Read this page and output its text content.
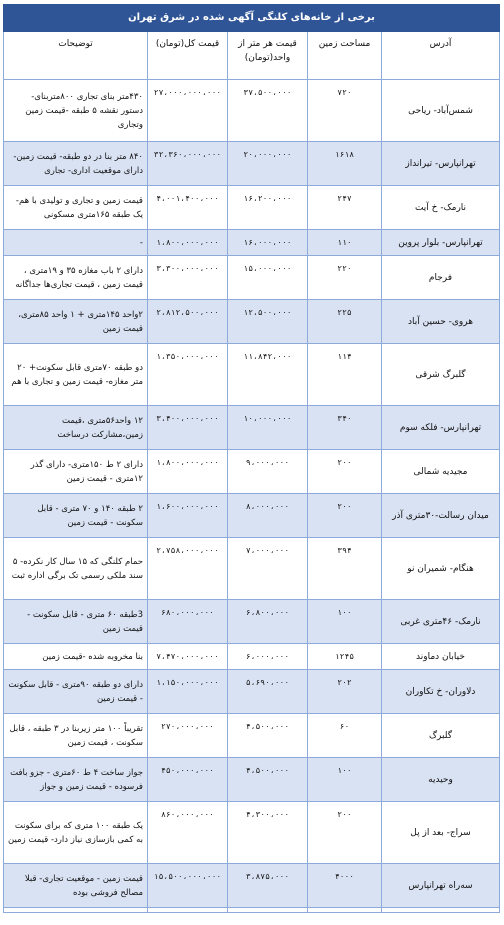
برخی از خانه‌های کلنگی آگهی شده در شرق تهران				
آدرس	مساحت زمین	قیمت هر متر از واحد(تومان)	قیمت کل(تومان)	توضیحات
شمس‌آباد- ریاحی	۷۲۰	۳۷،۵۰۰،۰۰۰	۲۷،۰۰۰،۰۰۰،۰۰۰	۴۳۰متر بنای تجاری ۸۰۰متربنای- دستور نقشه ۵ طبقه -قیمت زمین وتجاری
تهرانپارس- تیرانداز	۱۶۱۸	۲۰،۰۰۰،۰۰۰	۳۲،۳۶۰،۰۰۰،۰۰۰	۸۴۰ متر بنا در دو طبقه- قیمت زمین- دارای موقعیت اداری- تجاری
نارمک- خ آیت	۲۴۷	۱۶،۲۰۰،۰۰۰	۴،۰۰۱،۴۰۰،۰۰۰	قیمت زمین و تجاری و تولیدی با هم- یک طبقه ۱۶۵متری مسکونی
تهرانپارس- بلوار پروین	۱۱۰	۱۶،۰۰۰،۰۰۰	۱،۸۰۰،۰۰۰،۰۰۰	-
فرجام	۲۲۰	۱۵،۰۰۰،۰۰۰	۳،۳۰۰،۰۰۰،۰۰۰	دارای ۲ باب مغازه ۳۵ و ۱۹متری ، قیمت زمین ، قیمت تجاری‌ها جداگانه
هروی- حسین آباد	۲۲۵	۱۲،۵۰۰،۰۰۰	۲،۸۱۲،۵۰۰،۰۰۰	۲واحد ۱۴۵متری + ۱ واحد ۸۵متری، قیمت زمین
گلبرگ شرقی	۱۱۴	۱۱،۸۴۲،۰۰۰	۱،۳۵۰،۰۰۰،۰۰۰	دو طبقه ۷۰متری قابل سکونت+ ۲۰ متر مغازه- قیمت زمین و تجاری با هم
تهرانپارس- فلکه سوم	۳۴۰	۱۰،۰۰۰،۰۰۰	۳،۴۰۰،۰۰۰،۰۰۰	۱۲ واحد۵۶متری ،قیمت زمین،مشارکت درساخت
مجیدیه شمالی	۲۰۰	۹،۰۰۰،۰۰۰	۱،۸۰۰،۰۰۰،۰۰۰	دارای ۲ ط ۱۵۰متری- دارای گذر ۱۲متری - قیمت زمین
میدان رسالت-۳۰متری آذر	۲۰۰	۸،۰۰۰،۰۰۰	۱،۶۰۰،۰۰۰،۰۰۰	۲ طبقه ۱۴۰ و ۷۰ متری - قابل سکونت - قیمت زمین
هنگام- شمیران نو	۳۹۴	۷،۰۰۰،۰۰۰	۲،۷۵۸،۰۰۰،۰۰۰	حمام کلنگی که ۱۵ سال کار نکرده- ۵ سند ملکی رسمی تک برگی اداره ثبت
نارمک- ۴۶متری غربی	۱۰۰	۶،۸۰۰،۰۰۰	۶۸۰،۰۰۰،۰۰۰	3طبقه ۶۰ متری - قابل سکونت - قیمت زمین
خیابان دماوند	۱۲۴۵	۶،۰۰۰،۰۰۰	۷،۴۷۰،۰۰۰،۰۰۰	بنا مخروبه شده -قیمت زمین
دلاوران- خ تکاوران	۲۰۲	۵،۶۹۰،۰۰۰	۱،۱۵۰،۰۰۰،۰۰۰	دارای دو طبقه ۹۰متری - قابل سکونت - قیمت زمین
گلبرگ	۶۰	۴،۵۰۰،۰۰۰	۲۷۰،۰۰۰،۰۰۰	تقریباً ۱۰۰ متر زیربنا در ۳ طبقه ، قابل سکونت ، قیمت زمین
وحیدیه	۱۰۰	۴،۵۰۰،۰۰۰	۴۵۰،۰۰۰،۰۰۰	جواز ساخت ۴ ط ۶۰متری - جزو بافت فرسوده - قیمت زمین و جواز
سراج- بعد از پل	۲۰۰	۴،۳۰۰،۰۰۰	۸۶۰،۰۰۰،۰۰۰	یک طبقه ۱۰۰ متری که برای سکونت به کمی بازسازی نیاز دارد- قیمت زمین
سه‌راه تهرانپارس	۴۰۰۰	۳،۸۷۵،۰۰۰	۱۵،۵۰۰،۰۰۰،۰۰۰	قیمت زمین - موقعیت تجاری- قبلا مصالح فروشی بوده
